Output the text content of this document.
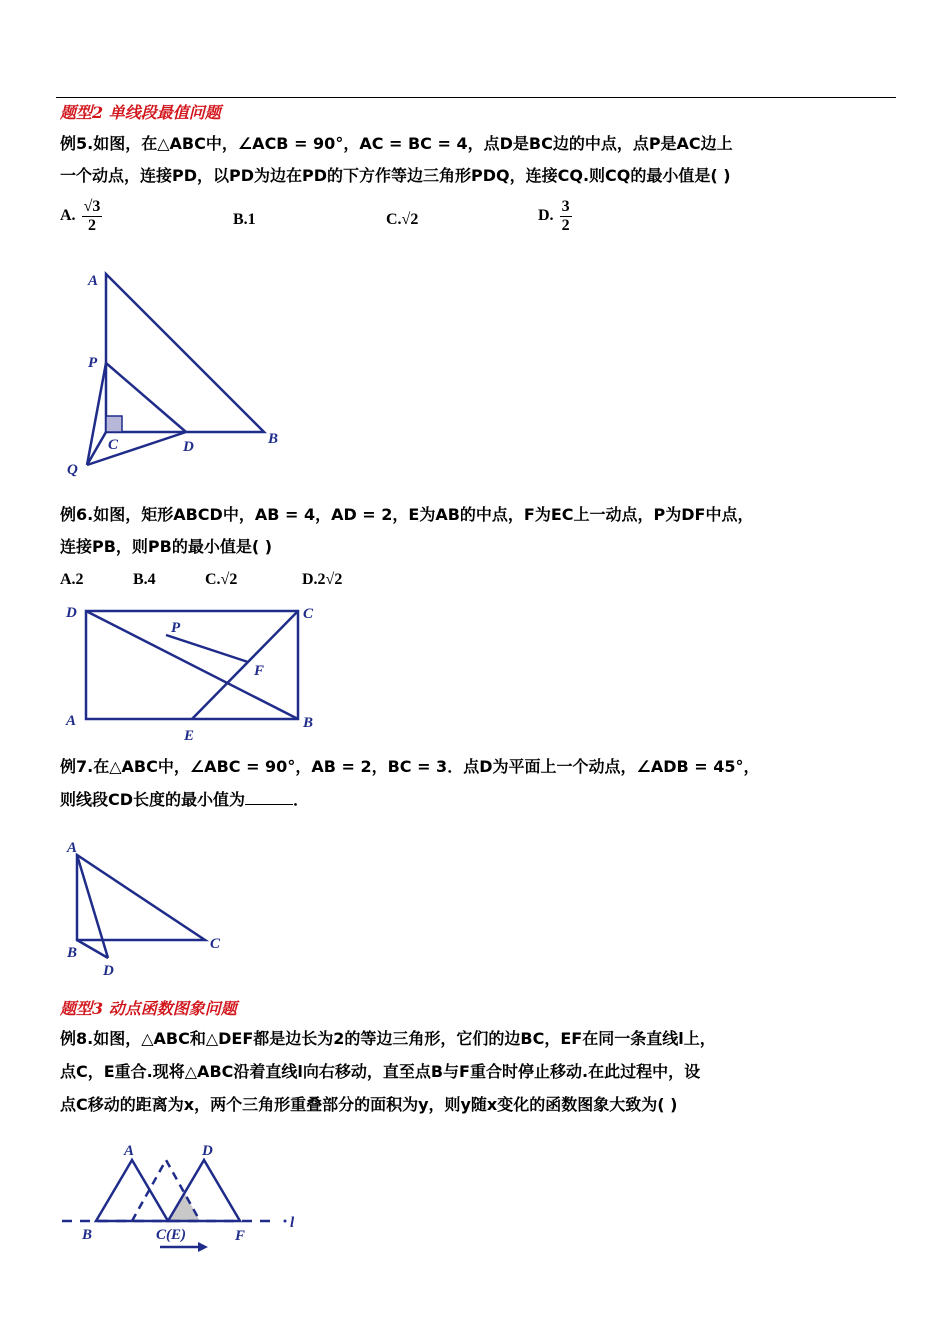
题型2 单线段最值问题
例5.如图，在△ABC中，∠ACB = 90°，AC = BC = 4，点D是BC边的中点，点P是AC边上
一个动点，连接PD，以PD为边在PD的下方作等边三角形PDQ，连接CQ.则CQ的最小值是( )
A. $\frac{√3}{2}$	B.1	C.√2	D. $\frac{3}{2}$
A
P
C	D	B
Q
例6.如图，矩形ABCD中，AB = 4，AD = 2，E为AB的中点，F为EC上一动点，P为DF中点，
连接PB，则PB的最小值是( )
A.2	B.4	C.√2	D.2√2
D
P
C
F
A
E
B
例7.在△ABC中，∠ABC = 90°，AB = 2，BC = 3．点D为平面上一个动点，∠ADB = 45°，
则线段CD长度的最小值为	．
A
B
C
D
题型3 动点函数图象问题
例8.如图，△ABC和△DEF都是边长为2的等边三角形，它们的边BC，EF在同一条直线l上，
点C，E重合.现将△ABC沿着直线l向右移动，直至点B与F重合时停止移动.在此过程中，设
点C移动的距离为x，两个三角形重叠部分的面积为y，则y随x变化的函数图象大致为( )
A	D
B	C(E)	F
l
